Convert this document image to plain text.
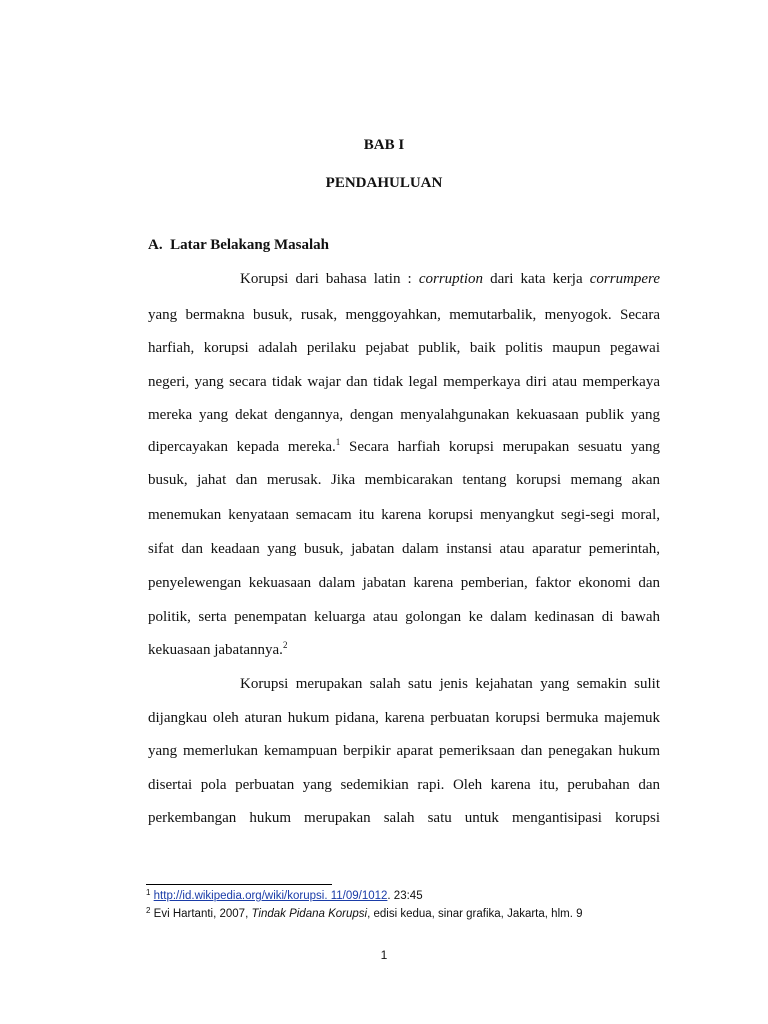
BAB I
PENDAHULUAN
A.  Latar Belakang Masalah
Korupsi dari bahasa latin : corruption dari kata kerja corrumpere
yang bermakna busuk, rusak, menggoyahkan, memutarbalik, menyogok. Secara
harfiah, korupsi adalah perilaku pejabat publik, baik politis maupun pegawai
negeri, yang secara tidak wajar dan tidak legal memperkaya diri atau memperkaya
mereka yang dekat dengannya, dengan menyalahgunakan kekuasaan publik yang
dipercayakan kepada mereka.$^1$ Secara harfiah korupsi merupakan sesuatu yang
busuk, jahat dan merusak. Jika membicarakan tentang korupsi memang akan
menemukan kenyataan semacam itu karena korupsi menyangkut segi-segi moral,
sifat dan keadaan yang busuk, jabatan dalam instansi atau aparatur pemerintah,
penyelewengan kekuasaan dalam jabatan karena pemberian, faktor ekonomi dan
politik, serta penempatan keluarga atau golongan ke dalam kedinasan di bawah
kekuasaan jabatannya.$^2$
Korupsi merupakan salah satu jenis kejahatan yang semakin sulit
dijangkau oleh aturan hukum pidana, karena perbuatan korupsi bermuka majemuk
yang memerlukan kemampuan berpikir aparat pemeriksaan dan penegakan hukum
disertai pola perbuatan yang sedemikian rapi. Oleh karena itu, perubahan dan
perkembangan hukum merupakan salah satu untuk mengantisipasi korupsi
$^1$ http://id.wikipedia.org/wiki/korupsi. 11/09/1012. 23:45
$^2$ Evi Hartanti, 2007, Tindak Pidana Korupsi, edisi kedua, sinar grafika, Jakarta, hlm. 9
1
